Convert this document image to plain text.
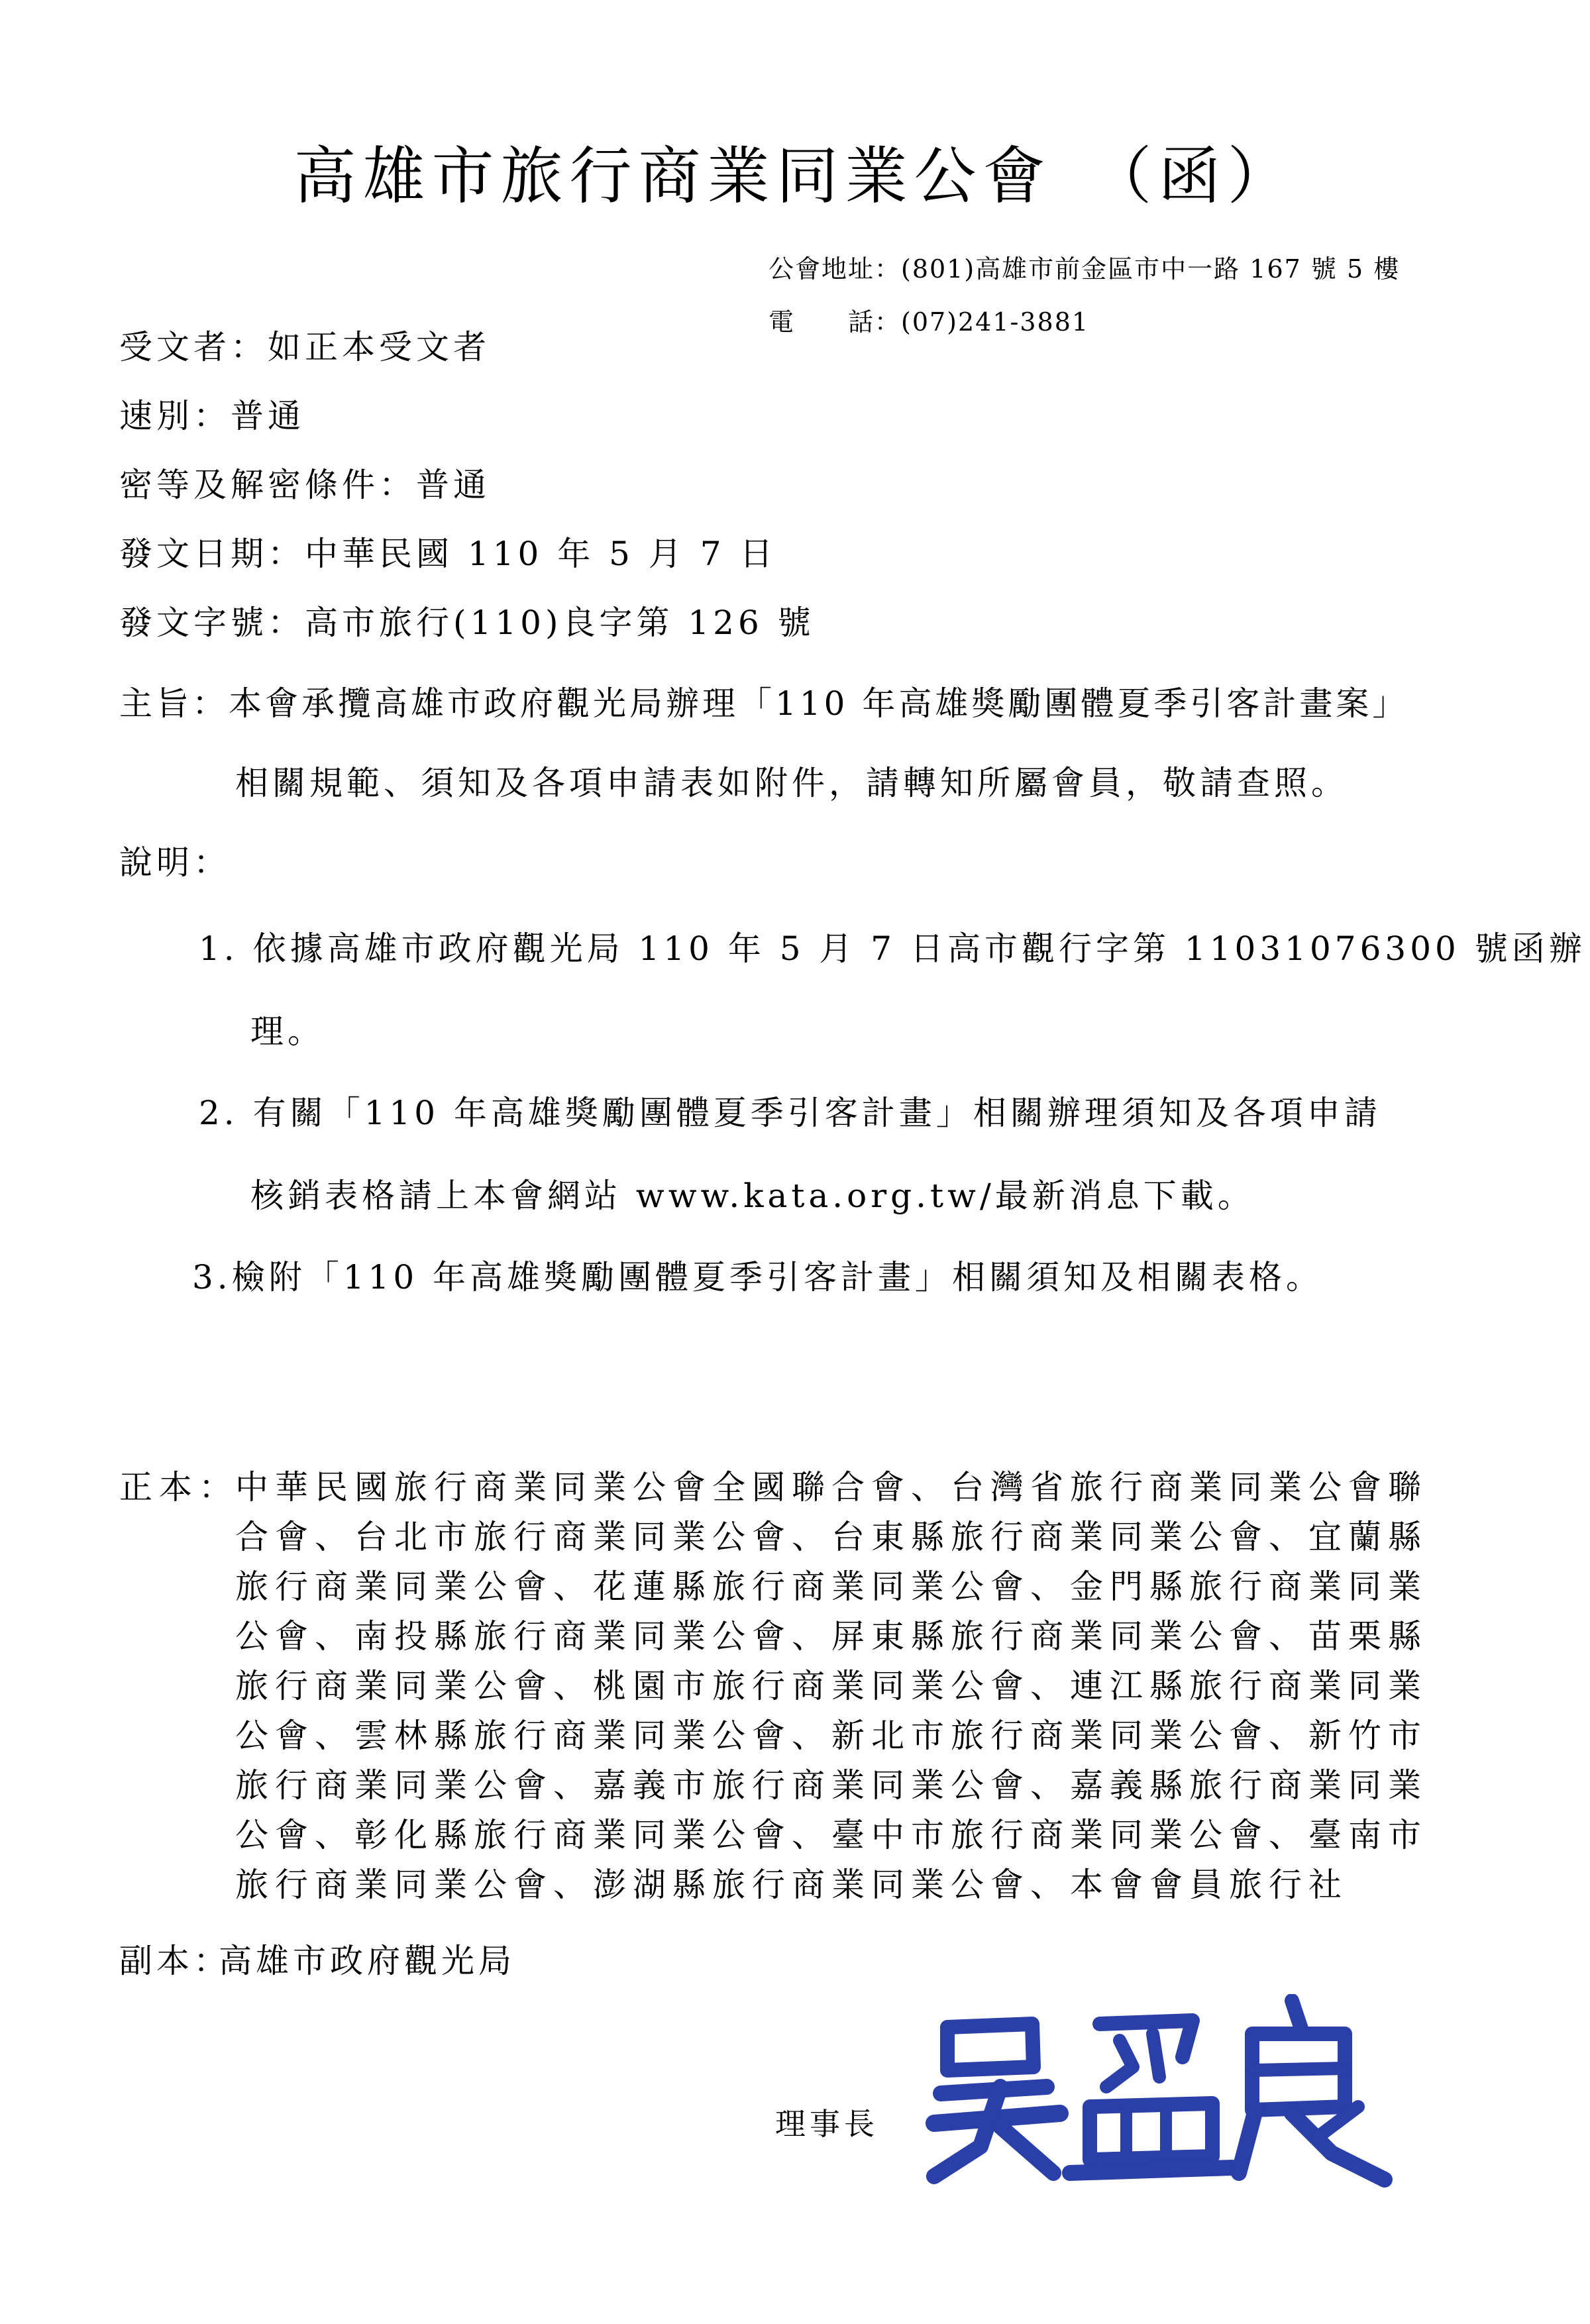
高雄市旅行商業同業公會　（函）
公會地址：(801)高雄市前金區市中一路 167 號 5 樓
電　　話：(07)241-3881
受文者：如正本受文者
速別：普通
密等及解密條件：普通
發文日期：中華民國 110 年 5 月 7 日
發文字號：高市旅行(110)良字第 126 號
主旨：本會承攬高雄市政府觀光局辦理「110 年高雄獎勵團體夏季引客計畫案」
相關規範、須知及各項申請表如附件，請轉知所屬會員，敬請查照。
說明：
1. 依據高雄市政府觀光局 110 年 5 月 7 日高市觀行字第 11031076300 號函辦
理。
2. 有關「110 年高雄獎勵團體夏季引客計畫」相關辦理須知及各項申請
核銷表格請上本會網站 www.kata.org.tw/最新消息下載。
3.檢附「110 年高雄獎勵團體夏季引客計畫」相關須知及相關表格。
正本：
中華民國旅行商業同業公會全國聯合會、台灣省旅行商業同業公會聯
合會、台北市旅行商業同業公會、台東縣旅行商業同業公會、宜蘭縣
旅行商業同業公會、花蓮縣旅行商業同業公會、金門縣旅行商業同業
公會、南投縣旅行商業同業公會、屏東縣旅行商業同業公會、苗栗縣
旅行商業同業公會、桃園市旅行商業同業公會、連江縣旅行商業同業
公會、雲林縣旅行商業同業公會、新北市旅行商業同業公會、新竹市
旅行商業同業公會、嘉義市旅行商業同業公會、嘉義縣旅行商業同業
公會、彰化縣旅行商業同業公會、臺中市旅行商業同業公會、臺南市
旅行商業同業公會、澎湖縣旅行商業同業公會、本會會員旅行社
副本：
高雄市政府觀光局
理事長
